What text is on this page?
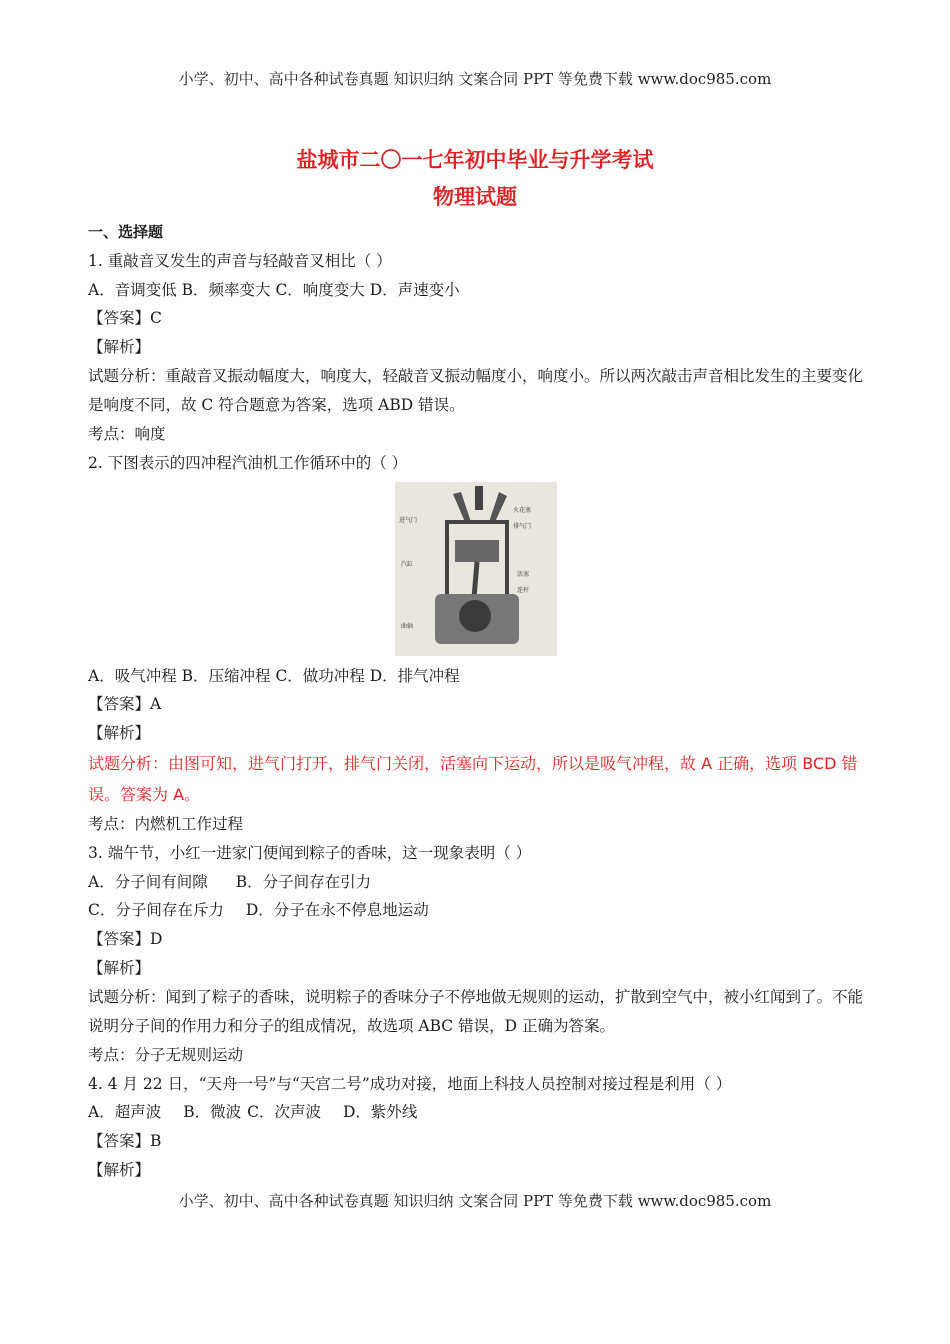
小学、初中、高中各种试卷真题 知识归纳 文案合同 PPT 等免费下载 www.doc985.com
盐城市二〇一七年初中毕业与升学考试
物理试题
一、选择题
1. 重敲音叉发生的声音与轻敲音叉相比（ ）
A．音调变低 B．频率变大 C．响度变大 D．声速变小
【答案】C
【解析】
试题分析：重敲音叉振动幅度大，响度大，轻敲音叉振动幅度小，响度小。所以两次敲击声音相比发生的主要变化是响度不同，故 C 符合题意为答案，选项 ABD 错误。
考点：响度
2. 下图表示的四冲程汽油机工作循环中的（ ）
进气门
火花塞
排气门
汽缸
活塞
连杆
曲轴
A．吸气冲程 B．压缩冲程 C．做功冲程 D．排气冲程
【答案】A
【解析】
试题分析：由图可知，进气门打开，排气门关闭，活塞向下运动，所以是吸气冲程，故 A 正确，选项 BCD 错误。答案为 A。
考点：内燃机工作过程
3. 端午节，小红一进家门便闻到粽子的香味，这一现象表明（ ）
A．分子间有间隙 B．分子间存在引力
C．分子间存在斥力 D．分子在永不停息地运动
【答案】D
【解析】
试题分析：闻到了粽子的香味，说明粽子的香味分子不停地做无规则的运动，扩散到空气中，被小红闻到了。不能说明分子间的作用力和分子的组成情况，故选项 ABC 错误，D 正确为答案。
考点：分子无规则运动
4. 4 月 22 日，“天舟一号”与“天宫二号”成功对接，地面上科技人员控制对接过程是利用（ ）
A．超声波 B．微波 C．次声波 D．紫外线
【答案】B
【解析】
小学、初中、高中各种试卷真题 知识归纳 文案合同 PPT 等免费下载 www.doc985.com
